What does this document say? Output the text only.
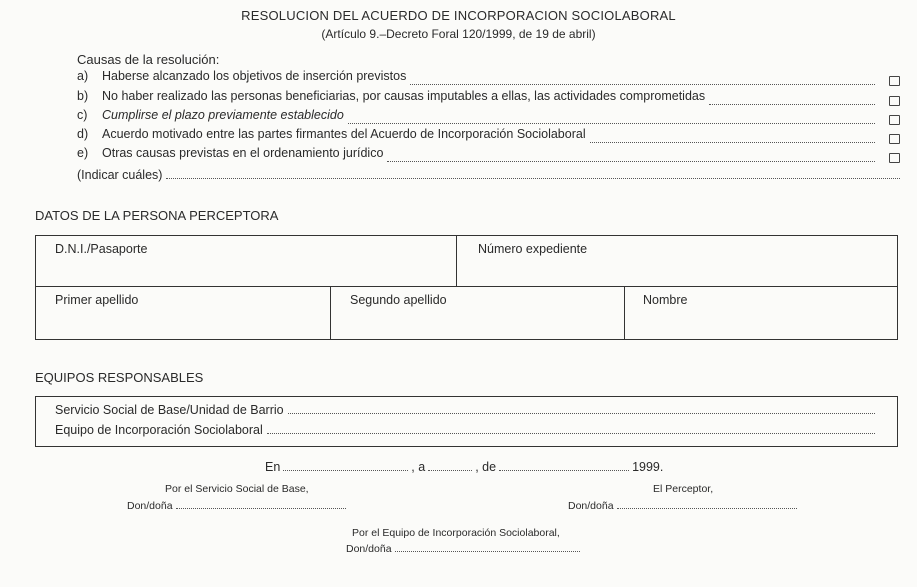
RESOLUCION DEL ACUERDO DE INCORPORACION SOCIOLABORAL
(Artículo 9.–Decreto Foral 120/1999, de 19 de abril)
Causas de la resolución:
a)	Haberse alcanzado los objetivos de inserción previstos
b)	No haber realizado las personas beneficiarias, por causas imputables a ellas, las actividades comprometidas
c)	Cumplirse el plazo previamente establecido
d)	Acuerdo motivado entre las partes firmantes del Acuerdo de Incorporación Sociolaboral
e)	Otras causas previstas en el ordenamiento jurídico
(Indicar cuáles)
DATOS DE LA PERSONA PERCEPTORA
D.N.I./Pasaporte	Número expediente
Primer apellido	Segundo apellido	Nombre
EQUIPOS RESPONSABLES
Servicio Social de Base/Unidad de Barrio
Equipo de Incorporación Sociolaboral
En	, a	, de	1999.
Por el Servicio Social de Base,	El Perceptor,
Don/doña	Don/doña
Por el Equipo de Incorporación Sociolaboral,
Don/doña
